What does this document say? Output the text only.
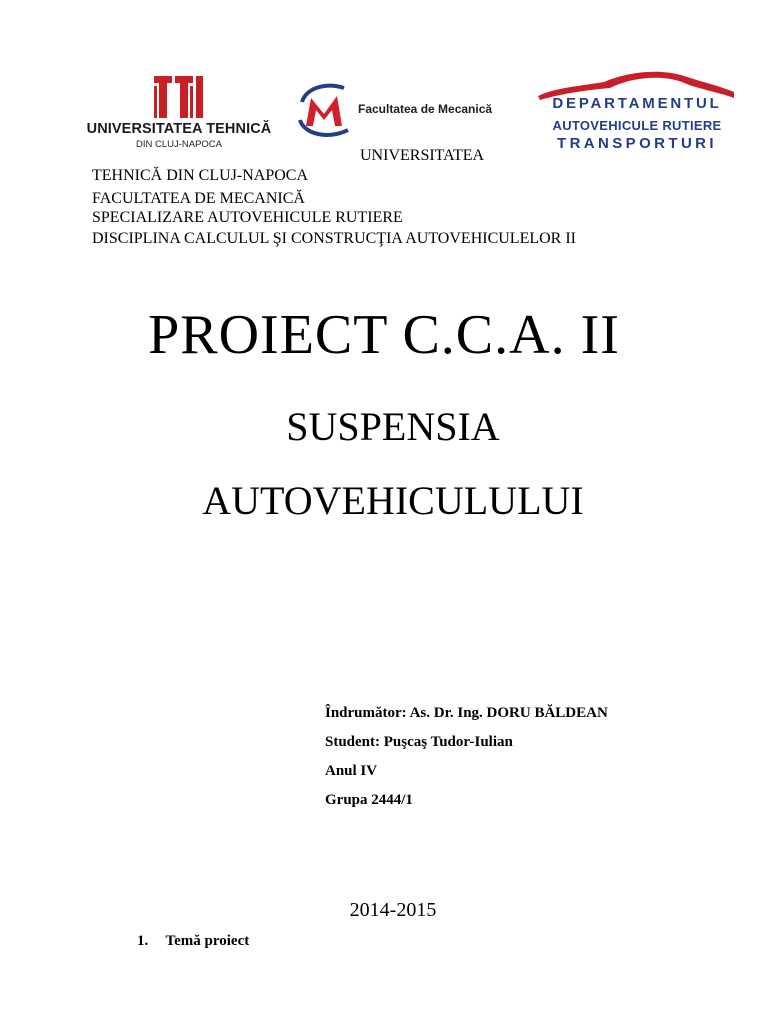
UNIVERSITATEA TEHNICĂ
DIN CLUJ-NAPOCA
Facultatea de Mecanică	DEPARTAMENTUL
AUTOVEHICULE RUTIERE
TRANSPORTURI
UNIVERSITATEA
TEHNICĂ DIN CLUJ-NAPOCA
FACULTATEA DE MECANICĂ
SPECIALIZARE AUTOVEHICULE RUTIERE
DISCIPLINA CALCULUL ŞI CONSTRUCŢIA AUTOVEHICULELOR II
PROIECT C.C.A. II
SUSPENSIA
AUTOVEHICULULUI
Îndrumător: As. Dr. Ing. DORU BĂLDEAN
Student: Puşcaş Tudor-Iulian
Anul IV
Grupa 2444/1
2014-2015
1. Temă proiect
